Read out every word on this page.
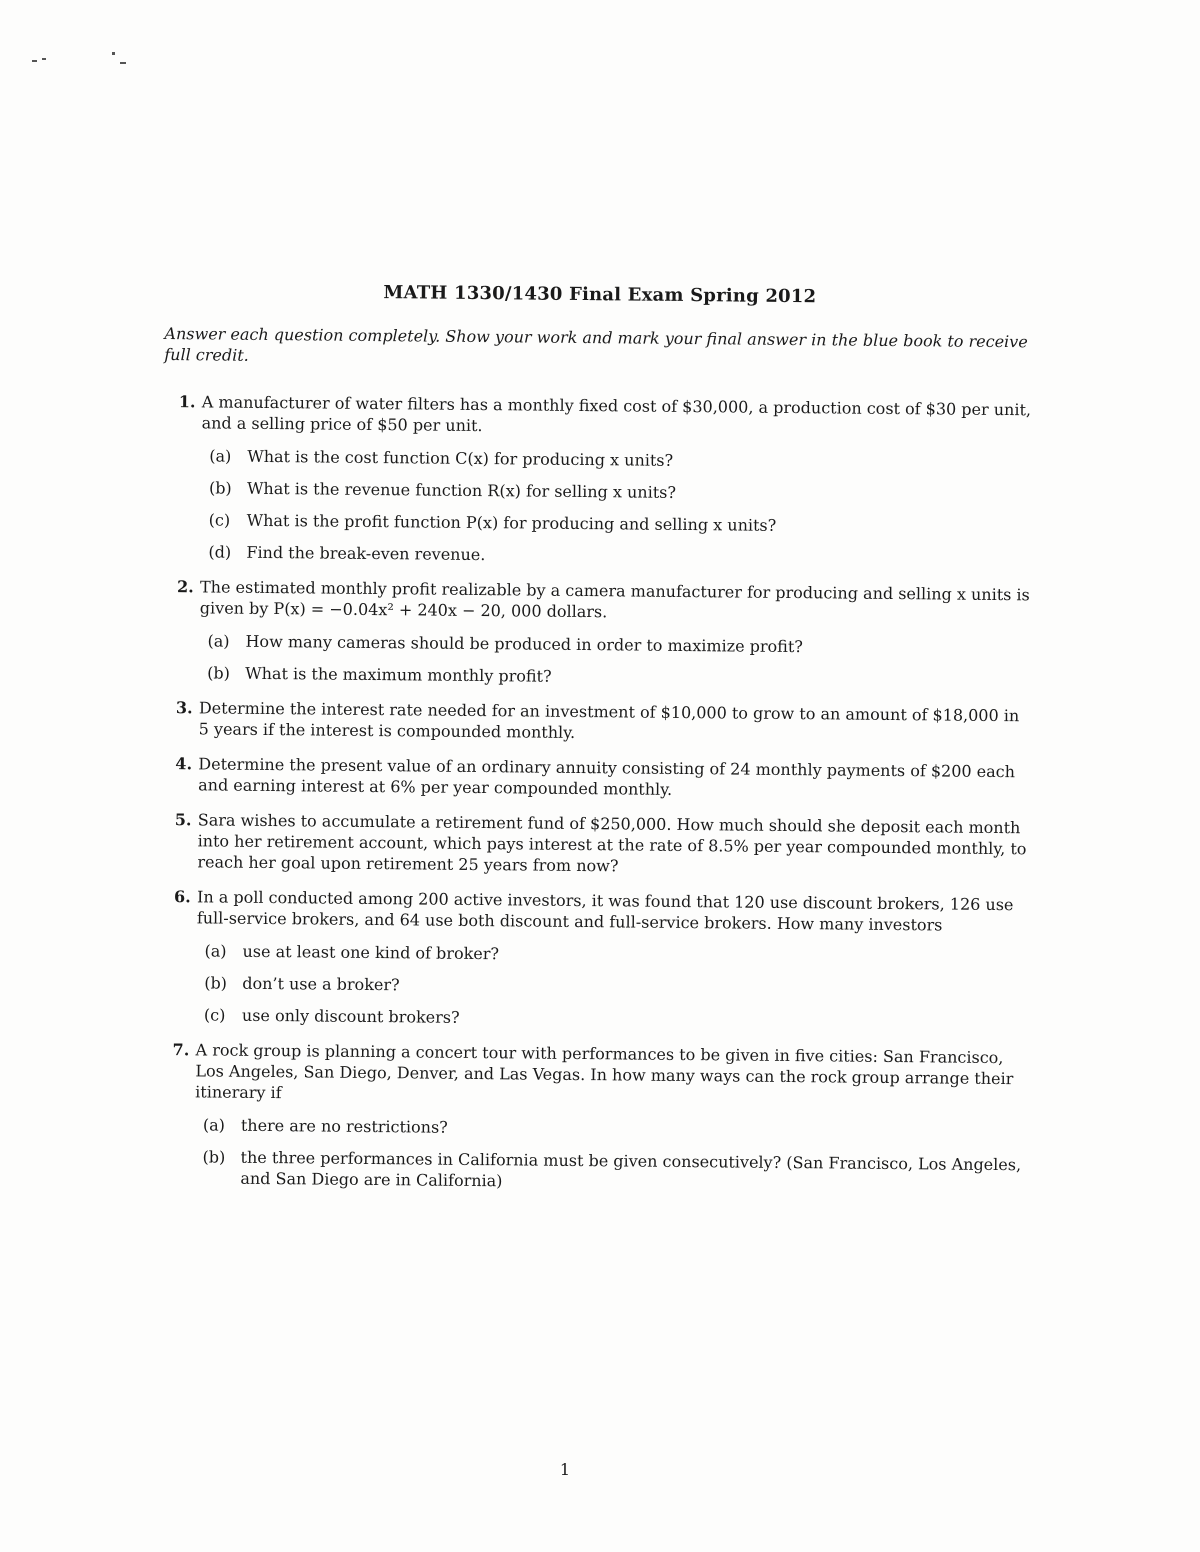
MATH 1330/1430 Final Exam Spring 2012

Answer each question completely. Show your work and mark your final answer in the blue book to receive full credit.

1. A manufacturer of water filters has a monthly fixed cost of $30,000, a production cost of $30 per unit, and a selling price of $50 per unit.
(a) What is the cost function C(x) for producing x units?
(b) What is the revenue function R(x) for selling x units?
(c) What is the profit function P(x) for producing and selling x units?
(d) Find the break-even revenue.
2. The estimated monthly profit realizable by a camera manufacturer for producing and selling x units is given by P(x) = −0.04x² + 240x − 20, 000 dollars.
(a) How many cameras should be produced in order to maximize profit?
(b) What is the maximum monthly profit?
3. Determine the interest rate needed for an investment of $10,000 to grow to an amount of $18,000 in 5 years if the interest is compounded monthly.
4. Determine the present value of an ordinary annuity consisting of 24 monthly payments of $200 each and earning interest at 6% per year compounded monthly.
5. Sara wishes to accumulate a retirement fund of $250,000. How much should she deposit each month into her retirement account, which pays interest at the rate of 8.5% per year compounded monthly, to reach her goal upon retirement 25 years from now?
6. In a poll conducted among 200 active investors, it was found that 120 use discount brokers, 126 use full-service brokers, and 64 use both discount and full-service brokers. How many investors
(a) use at least one kind of broker?
(b) don’t use a broker?
(c) use only discount brokers?
7. A rock group is planning a concert tour with performances to be given in five cities: San Francisco, Los Angeles, San Diego, Denver, and Las Vegas. In how many ways can the rock group arrange their itinerary if
(a) there are no restrictions?
(b) the three performances in California must be given consecutively? (San Francisco, Los Angeles, and San Diego are in California)
1
